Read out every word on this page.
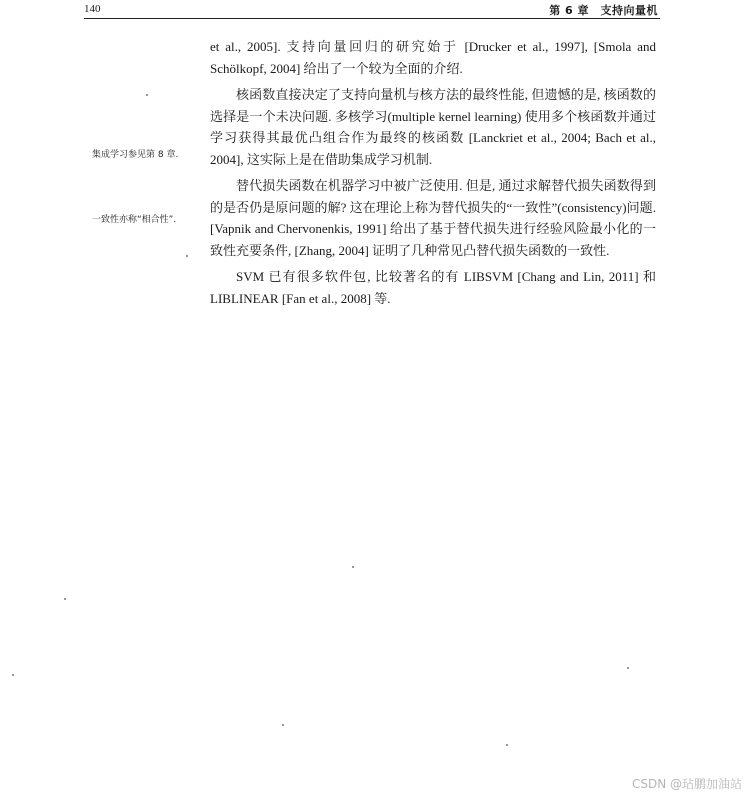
140	第 6 章　支持向量机
集成学习参见第 8 章.
一致性亦称“相合性”.

et al., 2005]. 支持向量回归的研究始于 [Drucker et al., 1997], [Smola and Schölkopf, 2004] 给出了一个较为全面的介绍.

核函数直接决定了支持向量机与核方法的最终性能, 但遗憾的是, 核函数的选择是一个未决问题. 多核学习(multiple kernel learning) 使用多个核函数并通过学习获得其最优凸组合作为最终的核函数 [Lanckriet et al., 2004; Bach et al., 2004], 这实际上是在借助集成学习机制.

替代损失函数在机器学习中被广泛使用. 但是, 通过求解替代损失函数得到的是否仍是原问题的解? 这在理论上称为替代损失的“一致性”(consistency)问题. [Vapnik and Chervonenkis, 1991] 给出了基于替代损失进行经验风险最小化的一致性充要条件, [Zhang, 2004] 证明了几种常见凸替代损失函数的一致性.

SVM 已有很多软件包, 比较著名的有 LIBSVM [Chang and Lin, 2011] 和 LIBLINEAR [Fan et al., 2008] 等.

CSDN @玷鹏加油站
